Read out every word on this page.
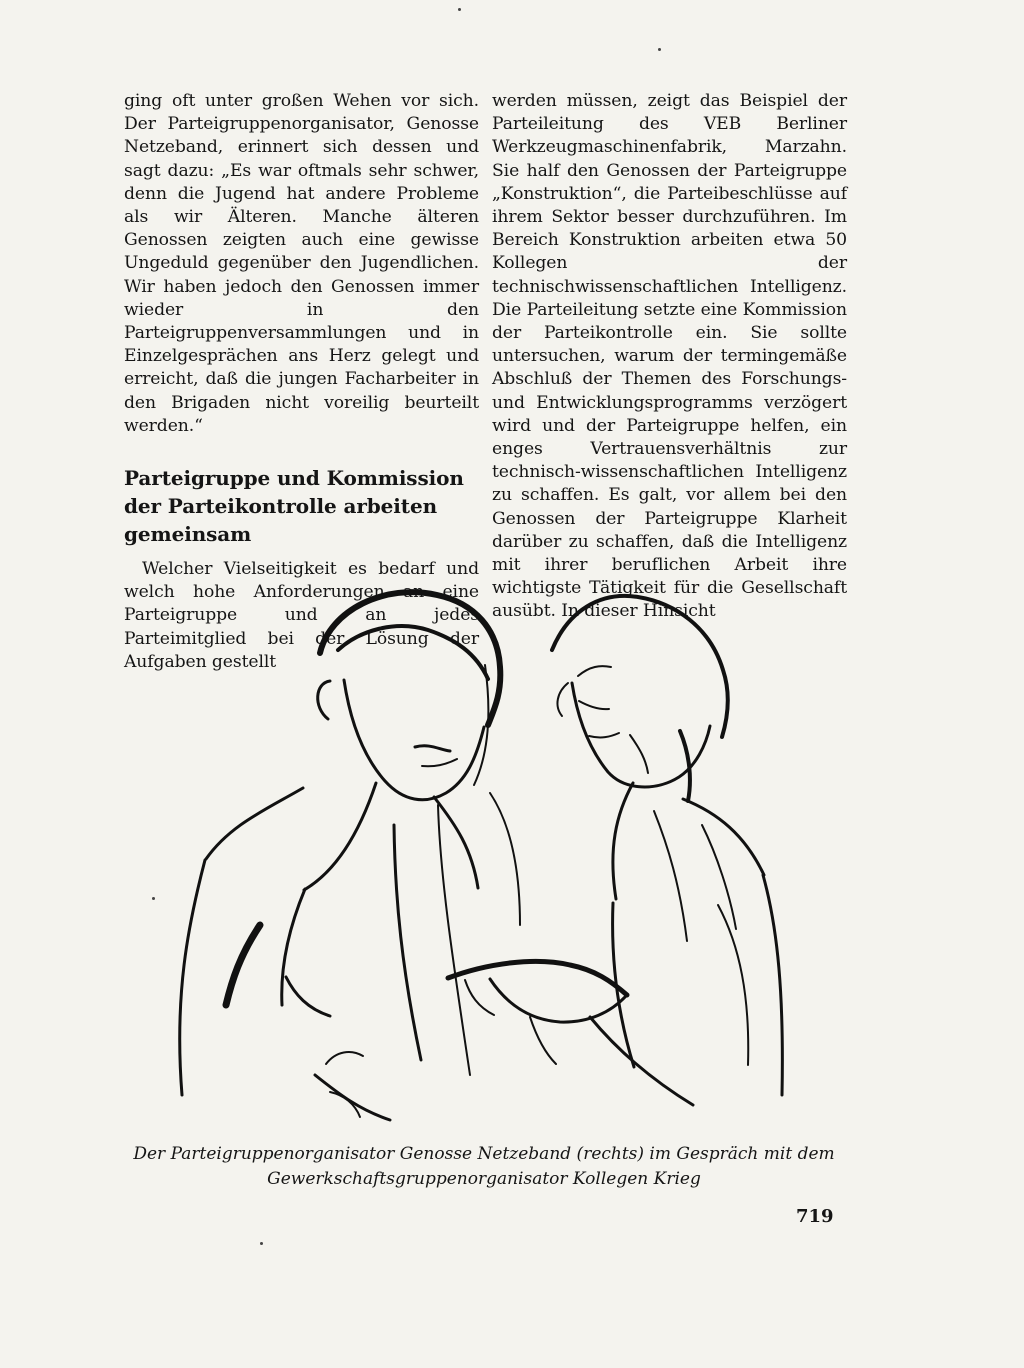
ging oft unter großen Wehen vor sich. Der Parteigruppenorganisator, Genosse Netzeband, erinnert sich dessen und sagt dazu: „Es war oftmals sehr schwer, denn die Jugend hat andere Probleme als wir Älteren. Manche älteren Genossen zeigten auch eine gewisse Ungeduld gegenüber den Jugendlichen. Wir haben jedoch den Genossen immer wieder in den Parteigruppenversammlungen und in Einzelgesprächen ans Herz gelegt und erreicht, daß die jungen Facharbeiter in den Brigaden nicht voreilig beurteilt werden.“

Parteigruppe und Kommission der Parteikontrolle arbeiten gemeinsam

Welcher Vielseitigkeit es bedarf und welch hohe Anforderungen an eine Parteigruppe und an jedes Parteimitglied bei der Lösung der Aufgaben gestellt

werden müssen, zeigt das Beispiel der Parteileitung des VEB Berliner Werkzeugmaschinenfabrik, Marzahn. Sie half den Genossen der Parteigruppe „Konstruktion“, die Parteibeschlüsse auf ihrem Sektor besser durchzuführen. Im Bereich Konstruktion arbeiten etwa 50 Kollegen der technischwissenschaftlichen Intelligenz. Die Parteileitung setzte eine Kommission der Parteikontrolle ein. Sie sollte untersuchen, warum der termingemäße Abschluß der Themen des Forschungs- und Entwicklungsprogramms verzögert wird und der Parteigruppe helfen, ein enges Vertrauensverhältnis zur technisch-wissenschaftlichen Intelligenz zu schaffen. Es galt, vor allem bei den Genossen der Parteigruppe Klarheit darüber zu schaffen, daß die Intelligenz mit ihrer beruflichen Arbeit ihre wichtigste Tätigkeit für die Gesellschaft ausübt. In dieser Hinsicht

Der Parteigruppenorganisator Genosse Netzeband (rechts) im Gespräch mit dem
Gewerkschaftsgruppenorganisator Kollegen Krieg
719
